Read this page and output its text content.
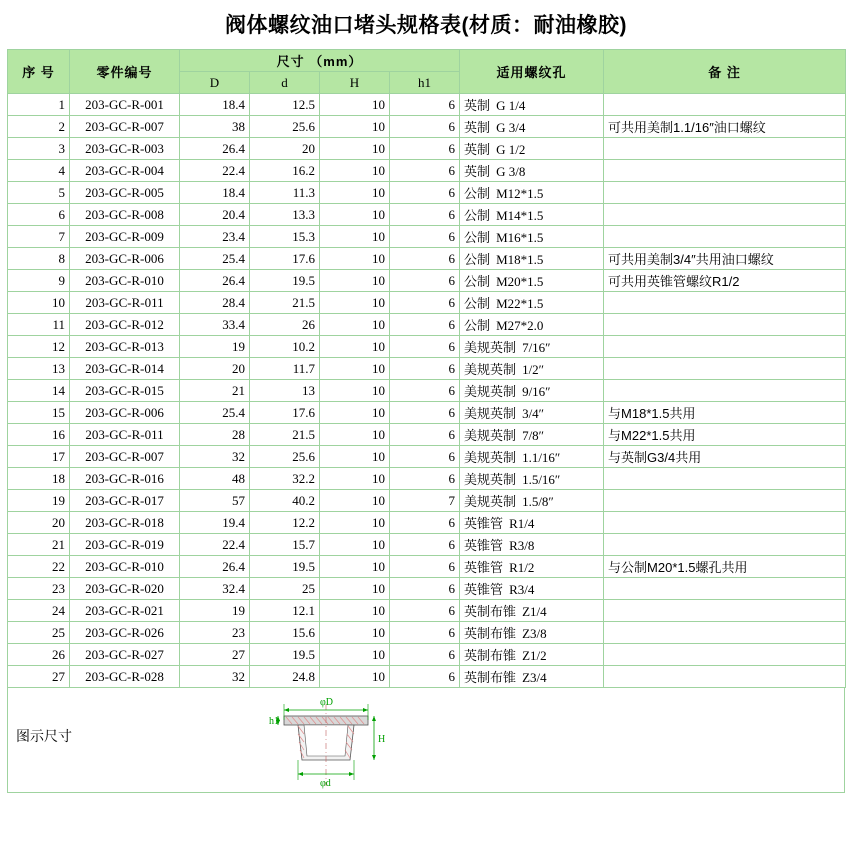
阀体螺纹油口堵头规格表(材质：耐油橡胶)
序 号	零件编号	尺寸 （mm）				适用螺纹孔	备 注
		D	d	H	h1		
1	203-GC-R-001	18.4	12.5	10	6	英制 G 1/4	
2	203-GC-R-007	38	25.6	10	6	英制 G 3/4	可共用美制1.1/16″油口螺纹
3	203-GC-R-003	26.4	20	10	6	英制 G 1/2	
4	203-GC-R-004	22.4	16.2	10	6	英制 G 3/8	
5	203-GC-R-005	18.4	11.3	10	6	公制 M12*1.5	
6	203-GC-R-008	20.4	13.3	10	6	公制 M14*1.5	
7	203-GC-R-009	23.4	15.3	10	6	公制 M16*1.5	
8	203-GC-R-006	25.4	17.6	10	6	公制 M18*1.5	可共用美制3/4″共用油口螺纹
9	203-GC-R-010	26.4	19.5	10	6	公制 M20*1.5	可共用英锥管螺纹R1/2
10	203-GC-R-011	28.4	21.5	10	6	公制 M22*1.5	
11	203-GC-R-012	33.4	26	10	6	公制 M27*2.0	
12	203-GC-R-013	19	10.2	10	6	美规英制 7/16″	
13	203-GC-R-014	20	11.7	10	6	美规英制 1/2″	
14	203-GC-R-015	21	13	10	6	美规英制 9/16″	
15	203-GC-R-006	25.4	17.6	10	6	美规英制 3/4″	与M18*1.5共用
16	203-GC-R-011	28	21.5	10	6	美规英制 7/8″	与M22*1.5共用
17	203-GC-R-007	32	25.6	10	6	美规英制 1.1/16″	与英制G3/4共用
18	203-GC-R-016	48	32.2	10	6	美规英制 1.5/16″	
19	203-GC-R-017	57	40.2	10	7	美规英制 1.5/8″	
20	203-GC-R-018	19.4	12.2	10	6	英锥管 R1/4	
21	203-GC-R-019	22.4	15.7	10	6	英锥管 R3/8	
22	203-GC-R-010	26.4	19.5	10	6	英锥管 R1/2	与公制M20*1.5螺孔共用
23	203-GC-R-020	32.4	25	10	6	英锥管 R3/4	
24	203-GC-R-021	19	12.1	10	6	英制布锥 Z1/4	
25	203-GC-R-026	23	15.6	10	6	英制布锥 Z3/8	
26	203-GC-R-027	27	19.5	10	6	英制布锥 Z1/2	
27	203-GC-R-028	32	24.8	10	6	英制布锥 Z3/4	
图示尺寸
φD
φd
h1
H
